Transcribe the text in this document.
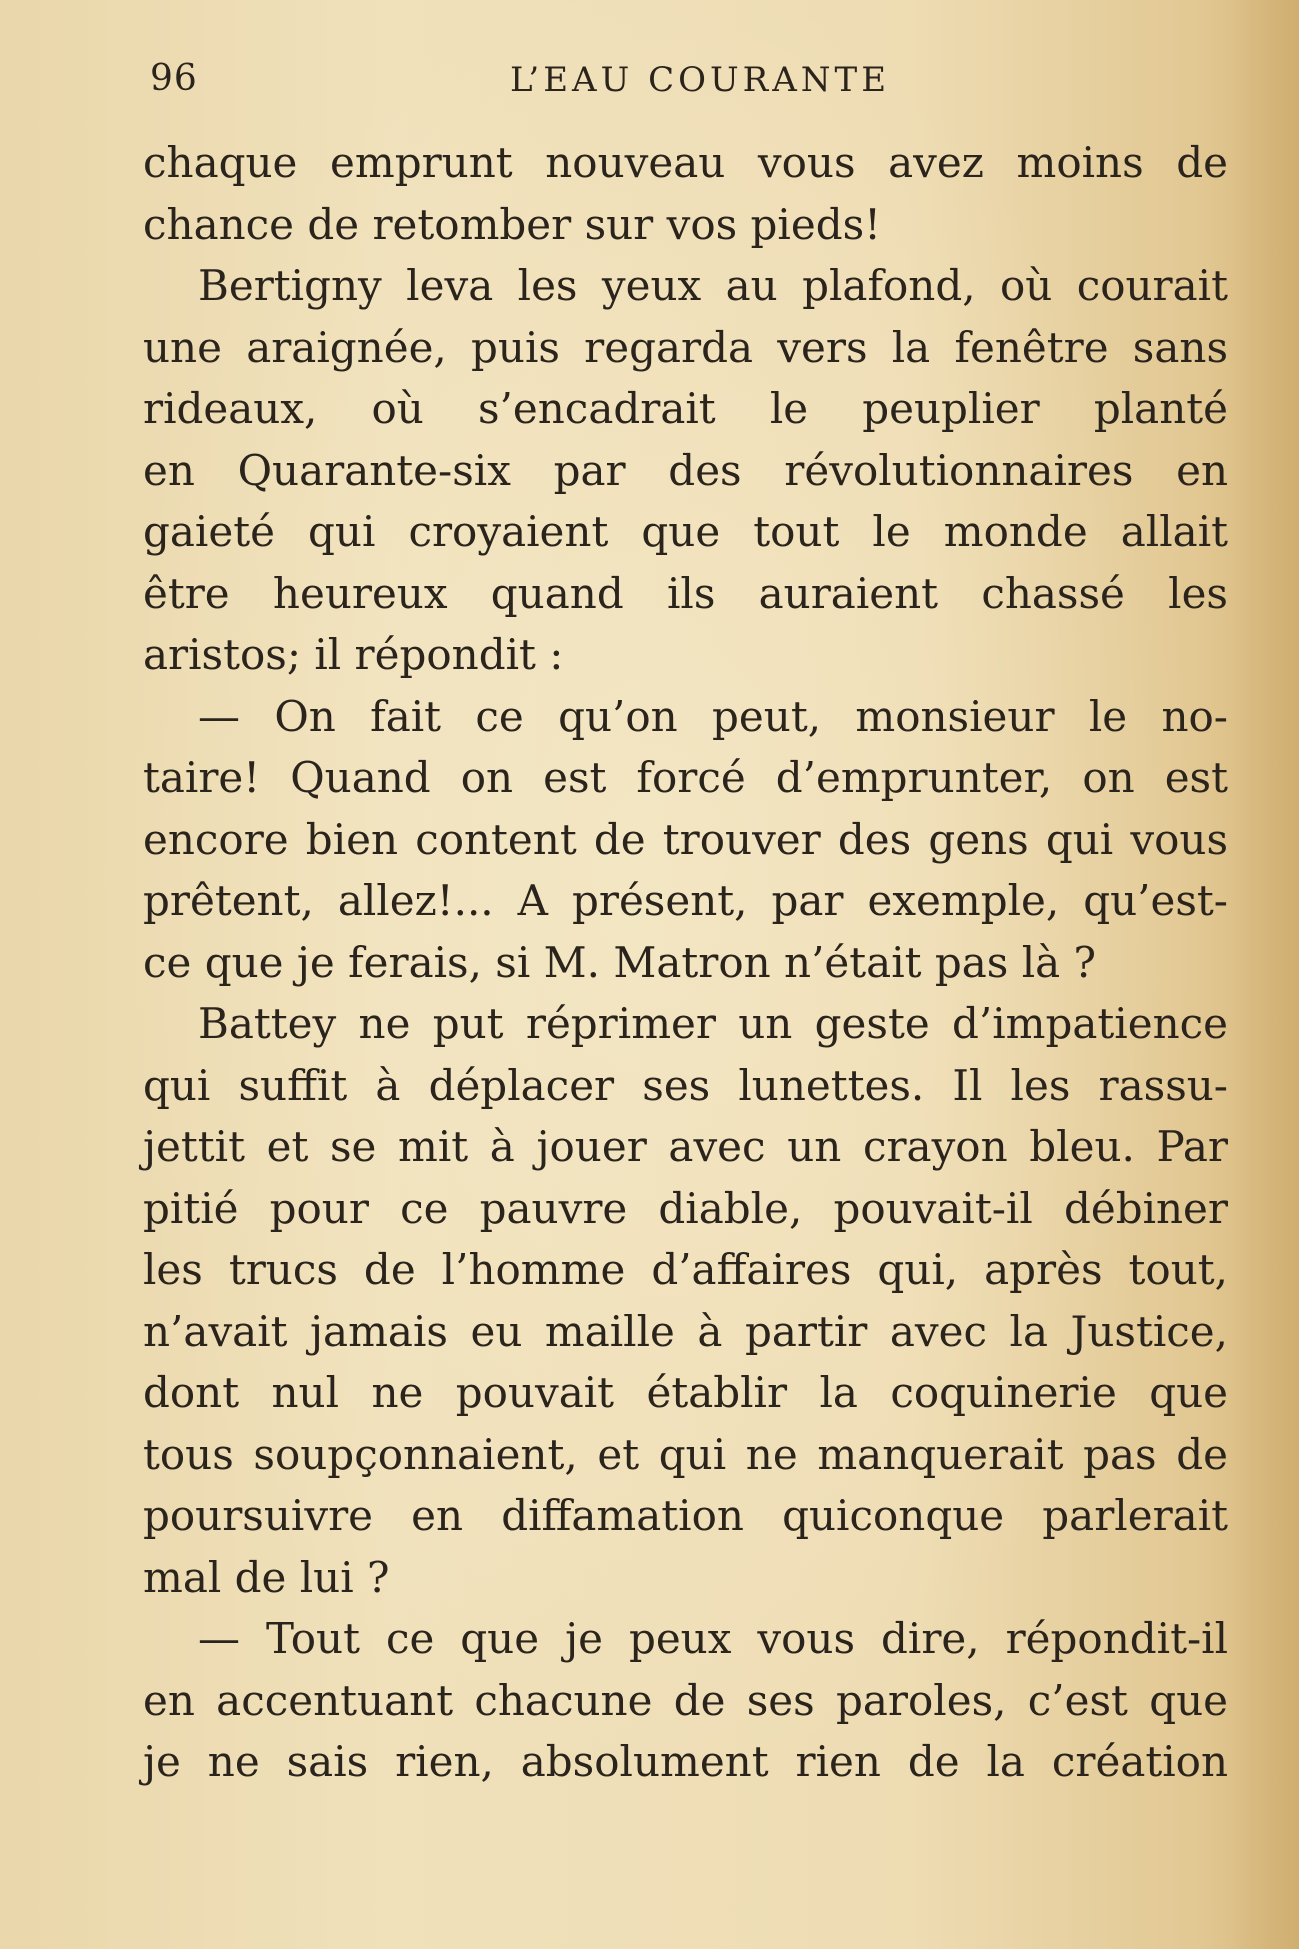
96	L’EAU COURANTE
chaque emprunt nouveau vous avez moins de
chance de retomber sur vos pieds!
Bertigny leva les yeux au plafond, où courait
une araignée, puis regarda vers la fenêtre sans
rideaux, où s’encadrait le peuplier planté
en Quarante-six par des révolutionnaires en
gaieté qui croyaient que tout le monde allait
être heureux quand ils auraient chassé les
aristos; il répondit :
— On fait ce qu’on peut, monsieur le no-
taire! Quand on est forcé d’emprunter, on est
encore bien content de trouver des gens qui vous
prêtent, allez!... A présent, par exemple, qu’est-
ce que je ferais, si M. Matron n’était pas là ?
Battey ne put réprimer un geste d’impatience
qui suffit à déplacer ses lunettes. Il les rassu-
jettit et se mit à jouer avec un crayon bleu. Par
pitié pour ce pauvre diable, pouvait-il débiner
les trucs de l’homme d’affaires qui, après tout,
n’avait jamais eu maille à partir avec la Justice,
dont nul ne pouvait établir la coquinerie que
tous soupçonnaient, et qui ne manquerait pas de
poursuivre en diffamation quiconque parlerait
mal de lui ?
— Tout ce que je peux vous dire, répondit-il
en accentuant chacune de ses paroles, c’est que
je ne sais rien, absolument rien de la création
